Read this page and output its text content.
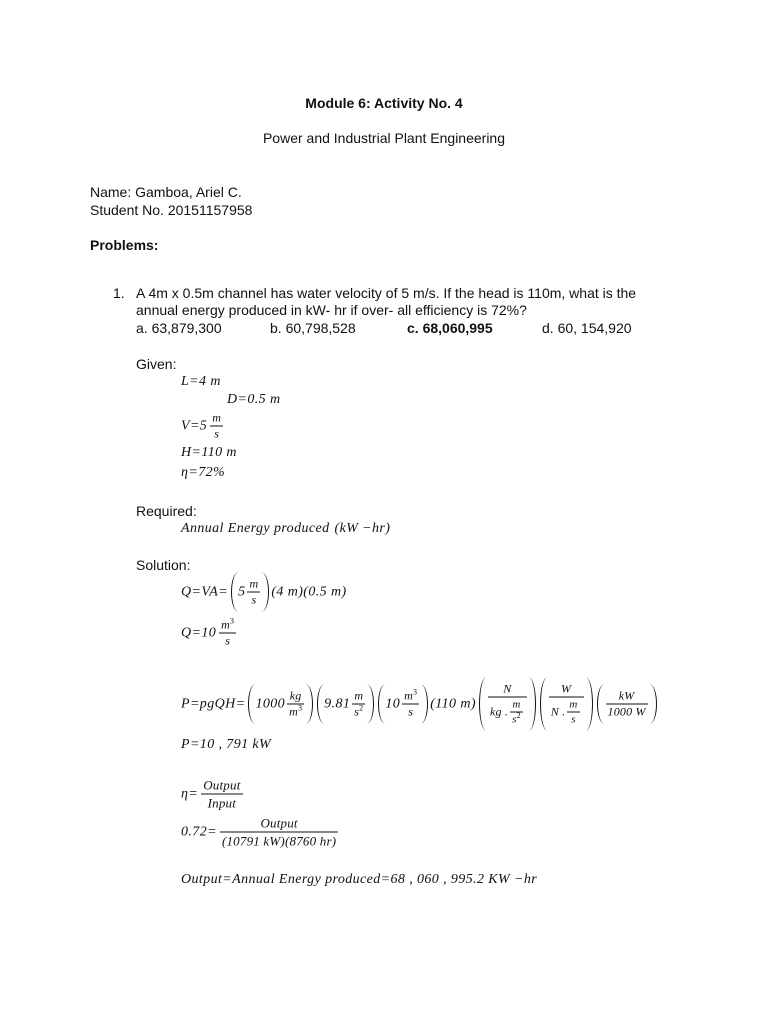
Module 6: Activity No. 4
Power and Industrial Plant Engineering
Name: Gamboa, Ariel C.
Student No. 20151157958
Problems:
1. A 4m x 0.5m channel has water velocity of 5 m/s. If the head is 110m, what is the
annual energy produced in kW- hr if over- all efficiency is 72%?
a. 63,879,300	b. 60,798,528	c. 68,060,995	d. 60, 154,920
Given:
L=4 m
D=0.5 m
$V=5 \frac{m}{s}$
H=110 m
η=72%
Required:
Annual Energy produced (kW −hr)
Solution:
$Q=VA= 5 \frac{m}{s} (4$ m)(0.5 m)
$Q=10 \frac{m^3}{s}$
P=pgQH= $1000 \frac{kg}{m^3} 9.81 \frac{m}{s^2} 10 \frac{m^3}{s} (110$ $m) \frac{N}{kg . \frac{m}{s^2}} \frac{W}{N . \frac{m}{s}} \frac{kW}{1000 W}$
P=10 , 791 kW
$\eta= \frac{\text{Output}}{\text{Input}}$
$0.72= \frac{\text{Output}}{(10791 kW)(8760 hr)}$
Output=Annual Energy produced=68 , 060 , 995.2 KW −hr
